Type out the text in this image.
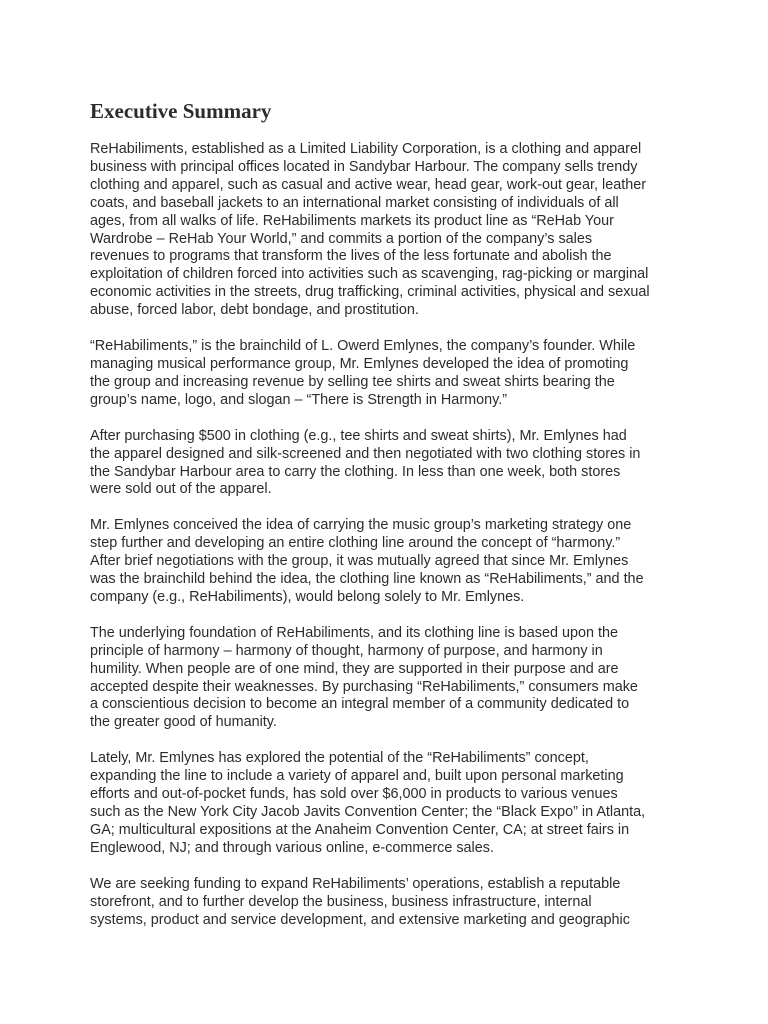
Executive Summary

ReHabiliments, established as a Limited Liability Corporation, is a clothing and apparel
business with principal offices located in Sandybar Harbour. The company sells trendy
clothing and apparel, such as casual and active wear, head gear, work-out gear, leather
coats, and baseball jackets to an international market consisting of individuals of all
ages, from all walks of life. ReHabiliments markets its product line as “ReHab Your
Wardrobe – ReHab Your World,” and commits a portion of the company’s sales
revenues to programs that transform the lives of the less fortunate and abolish the
exploitation of children forced into activities such as scavenging, rag-picking or marginal
economic activities in the streets, drug trafficking, criminal activities, physical and sexual
abuse, forced labor, debt bondage, and prostitution.

“ReHabiliments,” is the brainchild of L. Owerd Emlynes, the company’s founder. While
managing musical performance group, Mr. Emlynes developed the idea of promoting
the group and increasing revenue by selling tee shirts and sweat shirts bearing the
group’s name, logo, and slogan – “There is Strength in Harmony.”

After purchasing $500 in clothing (e.g., tee shirts and sweat shirts), Mr. Emlynes had
the apparel designed and silk-screened and then negotiated with two clothing stores in
the Sandybar Harbour area to carry the clothing. In less than one week, both stores
were sold out of the apparel.

Mr. Emlynes conceived the idea of carrying the music group’s marketing strategy one
step further and developing an entire clothing line around the concept of “harmony.”
After brief negotiations with the group, it was mutually agreed that since Mr. Emlynes
was the brainchild behind the idea, the clothing line known as “ReHabiliments,” and the
company (e.g., ReHabiliments), would belong solely to Mr. Emlynes.

The underlying foundation of ReHabiliments, and its clothing line is based upon the
principle of harmony – harmony of thought, harmony of purpose, and harmony in
humility. When people are of one mind, they are supported in their purpose and are
accepted despite their weaknesses. By purchasing “ReHabiliments,” consumers make
a conscientious decision to become an integral member of a community dedicated to
the greater good of humanity.

Lately, Mr. Emlynes has explored the potential of the “ReHabiliments” concept,
expanding the line to include a variety of apparel and, built upon personal marketing
efforts and out-of-pocket funds, has sold over $6,000 in products to various venues
such as the New York City Jacob Javits Convention Center; the “Black Expo” in Atlanta,
GA; multicultural expositions at the Anaheim Convention Center, CA; at street fairs in
Englewood, NJ; and through various online, e-commerce sales.

We are seeking funding to expand ReHabiliments’ operations, establish a reputable
storefront, and to further develop the business, business infrastructure, internal
systems, product and service development, and extensive marketing and geographic
